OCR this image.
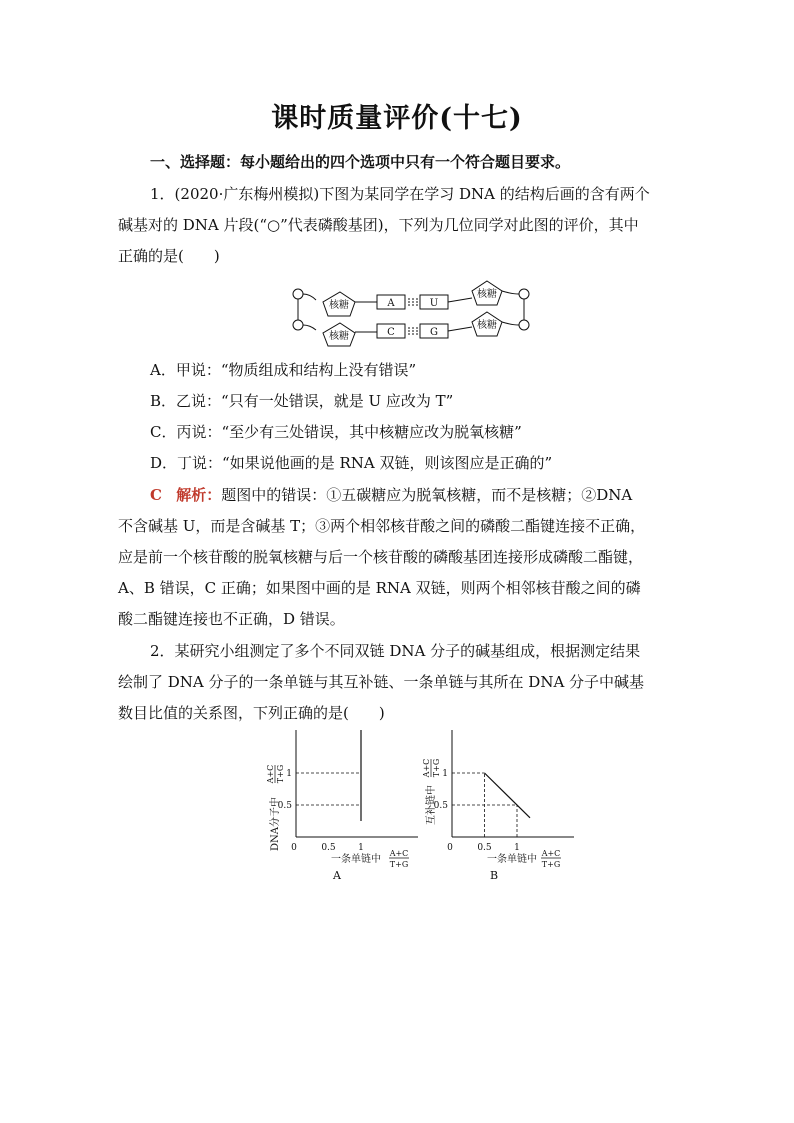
课时质量评价(十七)
一、选择题：每小题给出的四个选项中只有一个符合题目要求。
1．(2020·广东梅州模拟)下图为某同学在学习 DNA 的结构后画的含有两个
碱基对的 DNA 片段(“○”代表磷酸基团)，下列为几位同学对此图的评价，其中
正确的是(　　)
核糖
核糖
A
C
U
G
核糖
核糖
A．甲说：“物质组成和结构上没有错误”
B．乙说：“只有一处错误，就是 U 应改为 T”
C．丙说：“至少有三处错误，其中核糖应改为脱氧核糖”
D．丁说：“如果说他画的是 RNA 双链，则该图应是正确的”
C 解析：题图中的错误：①五碳糖应为脱氧核糖，而不是核糖；②DNA
不含碱基 U，而是含碱基 T；③两个相邻核苷酸之间的磷酸二酯键连接不正确，
应是前一个核苷酸的脱氧核糖与后一个核苷酸的磷酸基团连接形成磷酸二酯键，
A、B 错误，C 正确；如果图中画的是 RNA 双链，则两个相邻核苷酸之间的磷
酸二酯键连接也不正确，D 错误。
2．某研究小组测定了多个不同双链 DNA 分子的碱基组成，根据测定结果
绘制了 DNA 分子的一条单链与其互补链、一条单链与其所在 DNA 分子中碱基
数目比值的关系图，下列正确的是(　　)
DNA分子中
A+C T+G
0	0.5 1
0.5
1
一条单链中
A+C
T+G
A
互补链中
A+C T+G
0	0.5 1
0.5
1
一条单链中
A+C
T+G
B
